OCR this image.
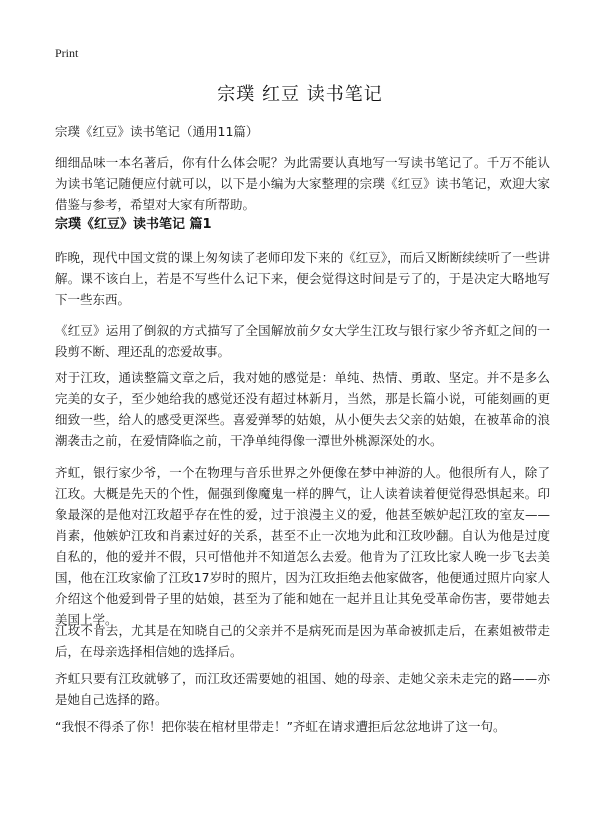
Print
宗璞 红豆 读书笔记
宗璞《红豆》读书笔记（通用11篇）
细细品味一本名著后，你有什么体会呢？为此需要认真地写一写读书笔记了。千万不能认为读书笔记随便应付就可以，以下是小编为大家整理的宗璞《红豆》读书笔记，欢迎大家借鉴与参考，希望对大家有所帮助。
宗璞《红豆》读书笔记 篇1
昨晚，现代中国文赏的课上匆匆读了老师印发下来的《红豆》，而后又断断续续听了一些讲解。课不该白上，若是不写些什么记下来，便会觉得这时间是亏了的，于是决定大略地写下一些东西。
《红豆》运用了倒叙的方式描写了全国解放前夕女大学生江玫与银行家少爷齐虹之间的一段剪不断、理还乱的恋爱故事。
对于江玫，通读整篇文章之后，我对她的感觉是：单纯、热情、勇敢、坚定。并不是多么完美的女子，至少她给我的感觉还没有超过林新月，当然，那是长篇小说，可能刻画的更细致一些，给人的感受更深些。喜爱弹琴的姑娘，从小便失去父亲的姑娘，在被革命的浪潮袭击之前，在爱情降临之前，干净单纯得像一潭世外桃源深处的水。
齐虹，银行家少爷，一个在物理与音乐世界之外便像在梦中神游的人。他很所有人，除了江玫。大概是先天的个性，倔强到像魔鬼一样的脾气，让人读着读着便觉得恐惧起来。印象最深的是他对江玫超乎存在性的爱，过于浪漫主义的爱，他甚至嫉妒起江玫的室友——肖素，他嫉妒江玫和肖素过好的关系，甚至不止一次地为此和江玫吵翻。自认为他是过度自私的，他的爱并不假，只可惜他并不知道怎么去爱。他肯为了江玫比家人晚一步飞去美国，他在江玫家偷了江玫17岁时的照片，因为江玫拒绝去他家做客，他便通过照片向家人介绍这个他爱到骨子里的姑娘，甚至为了能和她在一起并且让其免受革命伤害，要带她去美国上学。
江玫不肯去，尤其是在知晓自己的父亲并不是病死而是因为革命被抓走后，在素姐被带走后，在母亲选择相信她的选择后。
齐虹只要有江玫就够了，而江玫还需要她的祖国、她的母亲、走她父亲未走完的路——亦是她自己选择的路。
“我恨不得杀了你！把你装在棺材里带走！”齐虹在请求遭拒后忿忿地讲了这一句。
